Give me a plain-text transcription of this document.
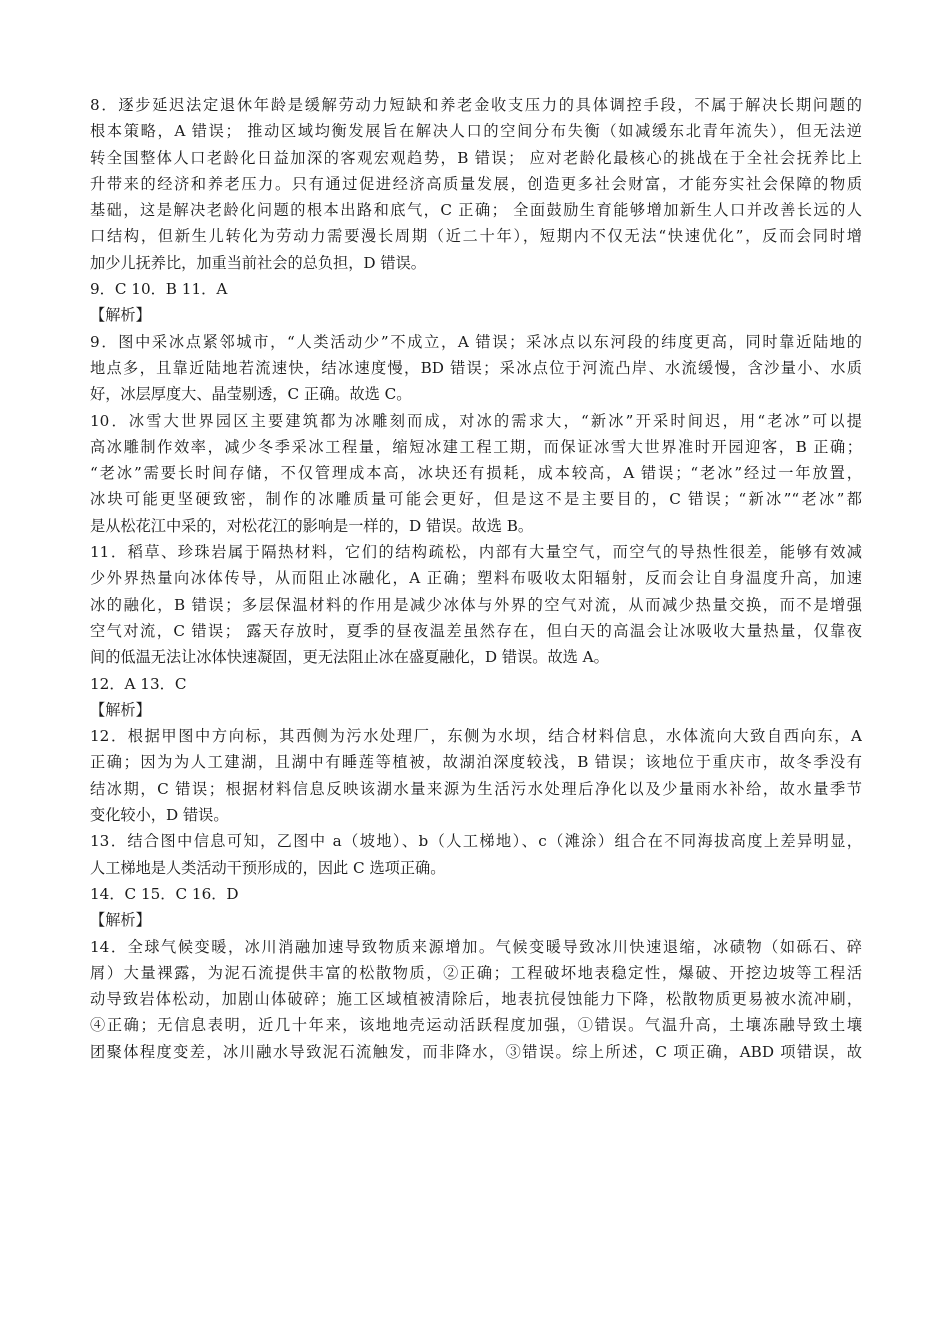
8．逐步延迟法定退休年龄是缓解劳动力短缺和养老金收支压力的具体调控手段，不属于解决长期问题的
根本策略，A 错误； 推动区域均衡发展旨在解决人口的空间分布失衡（如减缓东北青年流失），但无法逆
转全国整体人口老龄化日益加深的客观宏观趋势，B 错误； 应对老龄化最核心的挑战在于全社会抚养比上
升带来的经济和养老压力。只有通过促进经济高质量发展，创造更多社会财富，才能夯实社会保障的物质
基础，这是解决老龄化问题的根本出路和底气，C 正确； 全面鼓励生育能够增加新生人口并改善长远的人
口结构，但新生儿转化为劳动力需要漫长周期（近二十年），短期内不仅无法“快速优化”，反而会同时增
加少儿抚养比，加重当前社会的总负担，D 错误。
9．C 10．B 11．A
【解析】
9．图中采冰点紧邻城市，“人类活动少”不成立，A 错误；采冰点以东河段的纬度更高，同时靠近陆地的
地点多，且靠近陆地若流速快，结冰速度慢，BD 错误；采冰点位于河流凸岸、水流缓慢，含沙量小、水质
好，冰层厚度大、晶莹剔透，C 正确。故选 C。
10．冰雪大世界园区主要建筑都为冰雕刻而成，对冰的需求大，“新冰”开采时间迟，用“老冰”可以提
高冰雕制作效率，减少冬季采冰工程量，缩短冰建工程工期，而保证冰雪大世界准时开园迎客，B 正确；
“老冰”需要长时间存储，不仅管理成本高，冰块还有损耗，成本较高，A 错误；“老冰”经过一年放置，
冰块可能更坚硬致密，制作的冰雕质量可能会更好，但是这不是主要目的，C 错误；“新冰”“老冰”都
是从松花江中采的，对松花江的影响是一样的，D 错误。故选 B。
11．稻草、珍珠岩属于隔热材料，它们的结构疏松，内部有大量空气，而空气的导热性很差，能够有效减
少外界热量向冰体传导，从而阻止冰融化，A 正确；塑料布吸收太阳辐射，反而会让自身温度升高，加速
冰的融化，B 错误；多层保温材料的作用是减少冰体与外界的空气对流，从而减少热量交换，而不是增强
空气对流，C 错误； 露天存放时，夏季的昼夜温差虽然存在，但白天的高温会让冰吸收大量热量，仅靠夜
间的低温无法让冰体快速凝固，更无法阻止冰在盛夏融化，D 错误。故选 A。
12．A 13．C
【解析】
12．根据甲图中方向标，其西侧为污水处理厂，东侧为水坝，结合材料信息，水体流向大致自西向东，A
正确；因为为人工建湖，且湖中有睡莲等植被，故湖泊深度较浅，B 错误；该地位于重庆市，故冬季没有
结冰期，C 错误；根据材料信息反映该湖水量来源为生活污水处理后净化以及少量雨水补给，故水量季节
变化较小，D 错误。
13．结合图中信息可知，乙图中 a（坡地）、b（人工梯地）、c（滩涂）组合在不同海拔高度上差异明显，
人工梯地是人类活动干预形成的，因此 C 选项正确。
14．C 15．C 16．D
【解析】
14．全球气候变暖，冰川消融加速导致物质来源增加。气候变暖导致冰川快速退缩，冰碛物（如砾石、碎
屑）大量裸露，为泥石流提供丰富的松散物质，②正确；工程破坏地表稳定性，爆破、开挖边坡等工程活
动导致岩体松动，加剧山体破碎；施工区域植被清除后，地表抗侵蚀能力下降，松散物质更易被水流冲刷，
④正确；无信息表明，近几十年来，该地地壳运动活跃程度加强，①错误。气温升高，土壤冻融导致土壤
团聚体程度变差，冰川融水导致泥石流触发，而非降水，③错误。综上所述，C 项正确，ABD 项错误，故
